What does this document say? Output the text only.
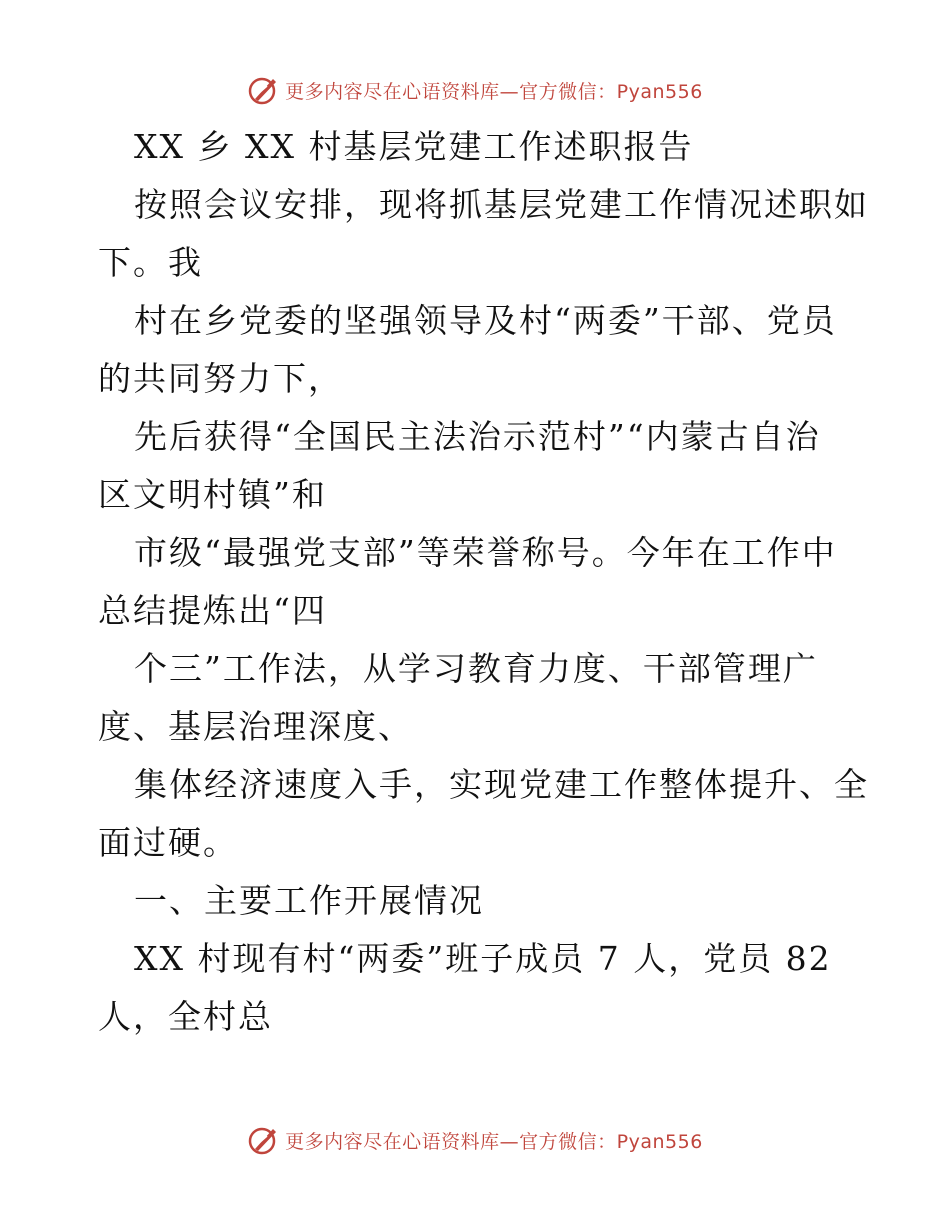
更多内容尽在心语资料库—官方微信：Pyan556
XX 乡 XX 村基层党建工作述职报告
按照会议安排，现将抓基层党建工作情况述职如
下。我
村在乡党委的坚强领导及村“两委”干部、党员
的共同努力下，
先后获得“全国民主法治示范村”“内蒙古自治
区文明村镇”和
市级“最强党支部”等荣誉称号。今年在工作中
总结提炼出“四
个三”工作法，从学习教育力度、干部管理广
度、基层治理深度、
集体经济速度入手，实现党建工作整体提升、全
面过硬。
一、主要工作开展情况
XX 村现有村“两委”班子成员 7 人，党员 82
人，全村总
更多内容尽在心语资料库—官方微信：Pyan556
